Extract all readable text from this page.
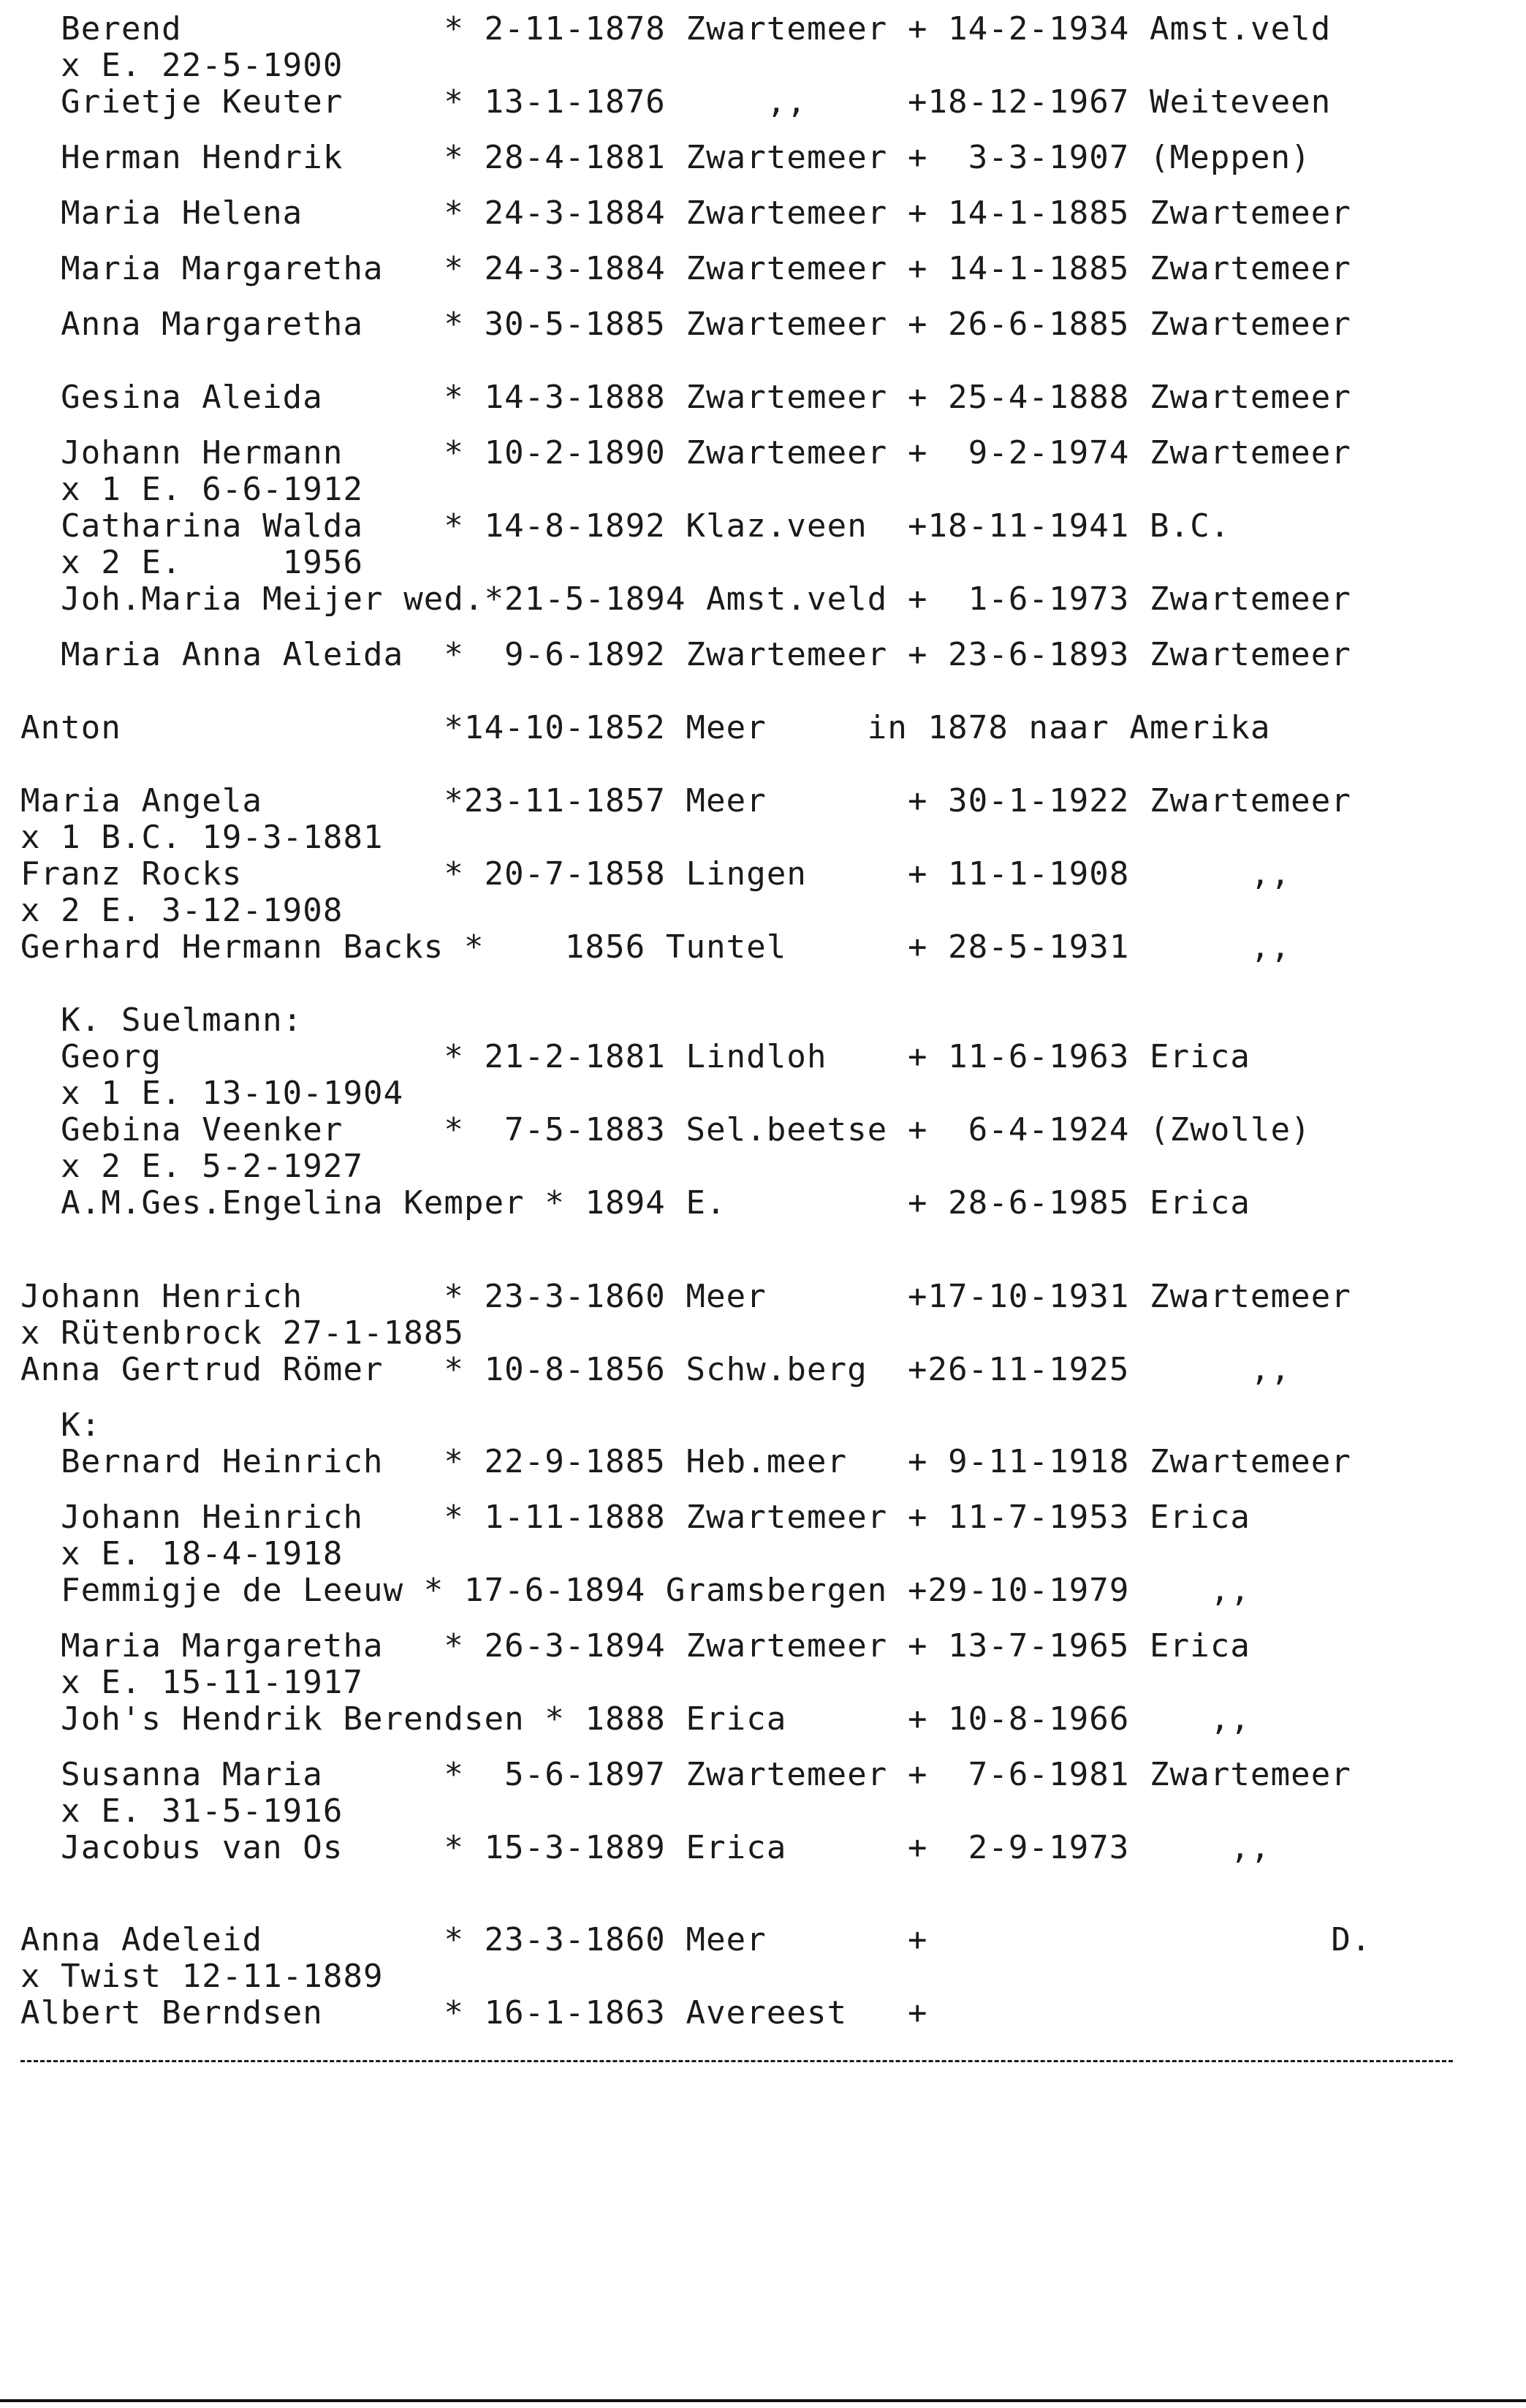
Berend             * 2-11-1878 Zwartemeer + 14-2-1934 Amst.veld

x E. 22-5-1900

Grietje Keuter     * 13-1-1876     ,,     +18-12-1967 Weiteveen

Herman Hendrik     * 28-4-1881 Zwartemeer +  3-3-1907 (Meppen)

Maria Helena       * 24-3-1884 Zwartemeer + 14-1-1885 Zwartemeer

Maria Margaretha   * 24-3-1884 Zwartemeer + 14-1-1885 Zwartemeer

Anna Margaretha    * 30-5-1885 Zwartemeer + 26-6-1885 Zwartemeer

Gesina Aleida      * 14-3-1888 Zwartemeer + 25-4-1888 Zwartemeer

Johann Hermann     * 10-2-1890 Zwartemeer +  9-2-1974 Zwartemeer

x 1 E. 6-6-1912

Catharina Walda    * 14-8-1892 Klaz.veen  +18-11-1941 B.C.

x 2 E.     1956

Joh.Maria Meijer wed.*21-5-1894 Amst.veld +  1-6-1973 Zwartemeer

Maria Anna Aleida  *  9-6-1892 Zwartemeer + 23-6-1893 Zwartemeer

Anton                *14-10-1852 Meer     in 1878 naar Amerika

Maria Angela         *23-11-1857 Meer       + 30-1-1922 Zwartemeer

x 1 B.C. 19-3-1881

Franz Rocks          * 20-7-1858 Lingen     + 11-1-1908      ,,

x 2 E. 3-12-1908

Gerhard Hermann Backs *    1856 Tuntel      + 28-5-1931      ,,

K. Suelmann:

Georg              * 21-2-1881 Lindloh    + 11-6-1963 Erica

x 1 E. 13-10-1904

Gebina Veenker     *  7-5-1883 Sel.beetse +  6-4-1924 (Zwolle)

x 2 E. 5-2-1927

A.M.Ges.Engelina Kemper * 1894 E.         + 28-6-1985 Erica

Johann Henrich       * 23-3-1860 Meer       +17-10-1931 Zwartemeer

x Rütenbrock 27-1-1885

Anna Gertrud Römer   * 10-8-1856 Schw.berg  +26-11-1925      ,,

K:

Bernard Heinrich   * 22-9-1885 Heb.meer   + 9-11-1918 Zwartemeer

Johann Heinrich    * 1-11-1888 Zwartemeer + 11-7-1953 Erica

x E. 18-4-1918

Femmigje de Leeuw * 17-6-1894 Gramsbergen +29-10-1979    ,,

Maria Margaretha   * 26-3-1894 Zwartemeer + 13-7-1965 Erica

x E. 15-11-1917

Joh's Hendrik Berendsen * 1888 Erica      + 10-8-1966    ,,

Susanna Maria      *  5-6-1897 Zwartemeer +  7-6-1981 Zwartemeer

x E. 31-5-1916

Jacobus van Os     * 15-3-1889 Erica      +  2-9-1973     ,,

Anna Adeleid         * 23-3-1860 Meer       +                    D.

x Twist 12-11-1889

Albert Berndsen      * 16-1-1863 Avereest   +
